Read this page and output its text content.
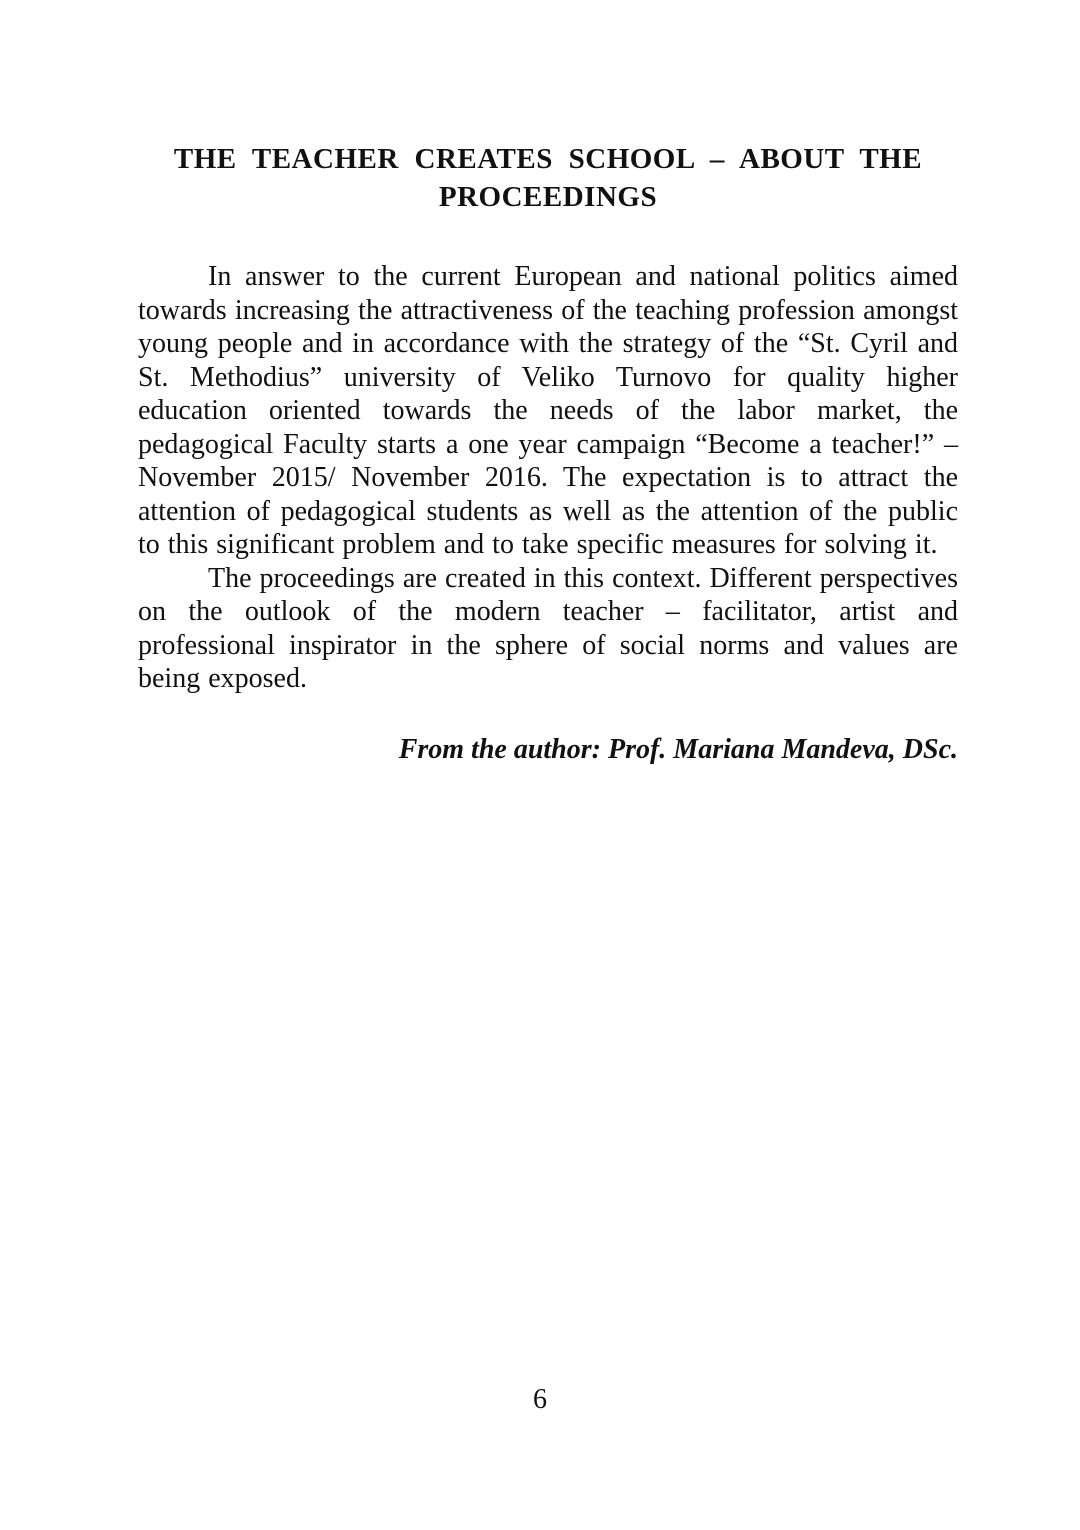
THE TEACHER CREATES SCHOOL – ABOUT THE PROCEEDINGS

In answer to the current European and national politics aimed towards increasing the attractiveness of the teaching profession amongst young people and in accordance with the strategy of the “St. Cyril and St. Methodius” university of Veliko Turnovo for quality higher education oriented towards the needs of the labor market, the pedagogical Faculty starts a one year campaign “Become a teacher!” – November 2015/ November 2016. The expectation is to attract the attention of pedagogical students as well as the attention of the public to this significant problem and to take specific measures for solving it.

The proceedings are created in this context. Different perspectives on the outlook of the modern teacher – facilitator, artist and professional inspirator in the sphere of social norms and values are being exposed.

From the author: Prof. Mariana Mandeva, DSc.
6
